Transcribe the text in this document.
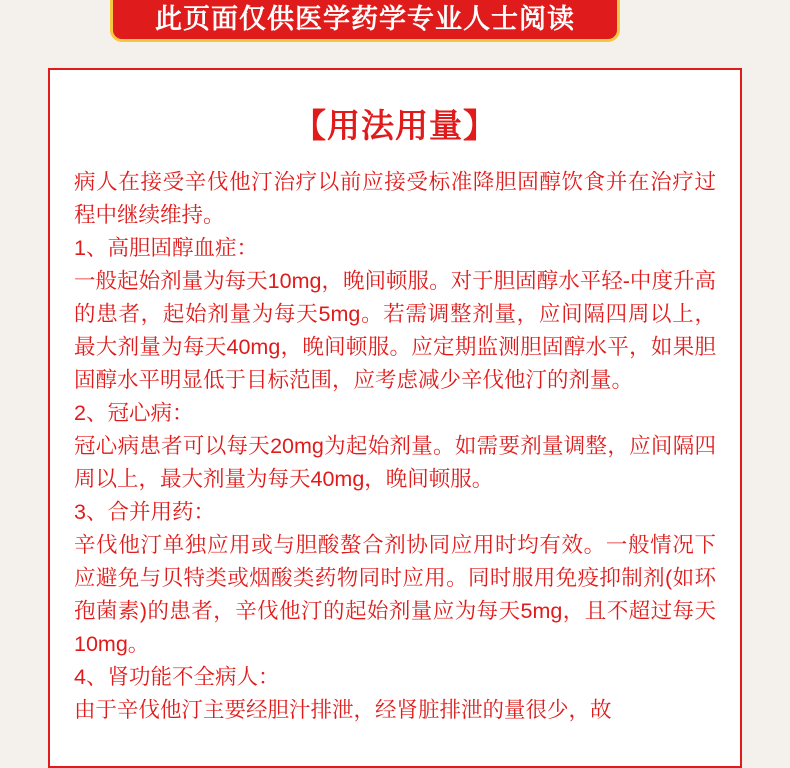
此页面仅供医学药学专业人士阅读
【用法用量】

病人在接受辛伐他汀治疗以前应接受标准降胆固醇饮食并在治疗过程中继续维持。

1、高胆固醇血症：

一般起始剂量为每天10mg，晚间顿服。对于胆固醇水平轻-中度升高的患者，起始剂量为每天5mg。若需调整剂量，应间隔四周以上，最大剂量为每天40mg，晚间顿服。应定期监测胆固醇水平，如果胆固醇水平明显低于目标范围，应考虑减少辛伐他汀的剂量。

2、冠心病：

冠心病患者可以每天20mg为起始剂量。如需要剂量调整，应间隔四周以上，最大剂量为每天40mg，晚间顿服。

3、合并用药：

辛伐他汀单独应用或与胆酸螯合剂协同应用时均有效。一般情况下应避免与贝特类或烟酸类药物同时应用。同时服用免疫抑制剂(如环孢菌素)的患者，辛伐他汀的起始剂量应为每天5mg，且不超过每天10mg。

4、肾功能不全病人：

由于辛伐他汀主要经胆汁排泄，经肾脏排泄的量很少，故
